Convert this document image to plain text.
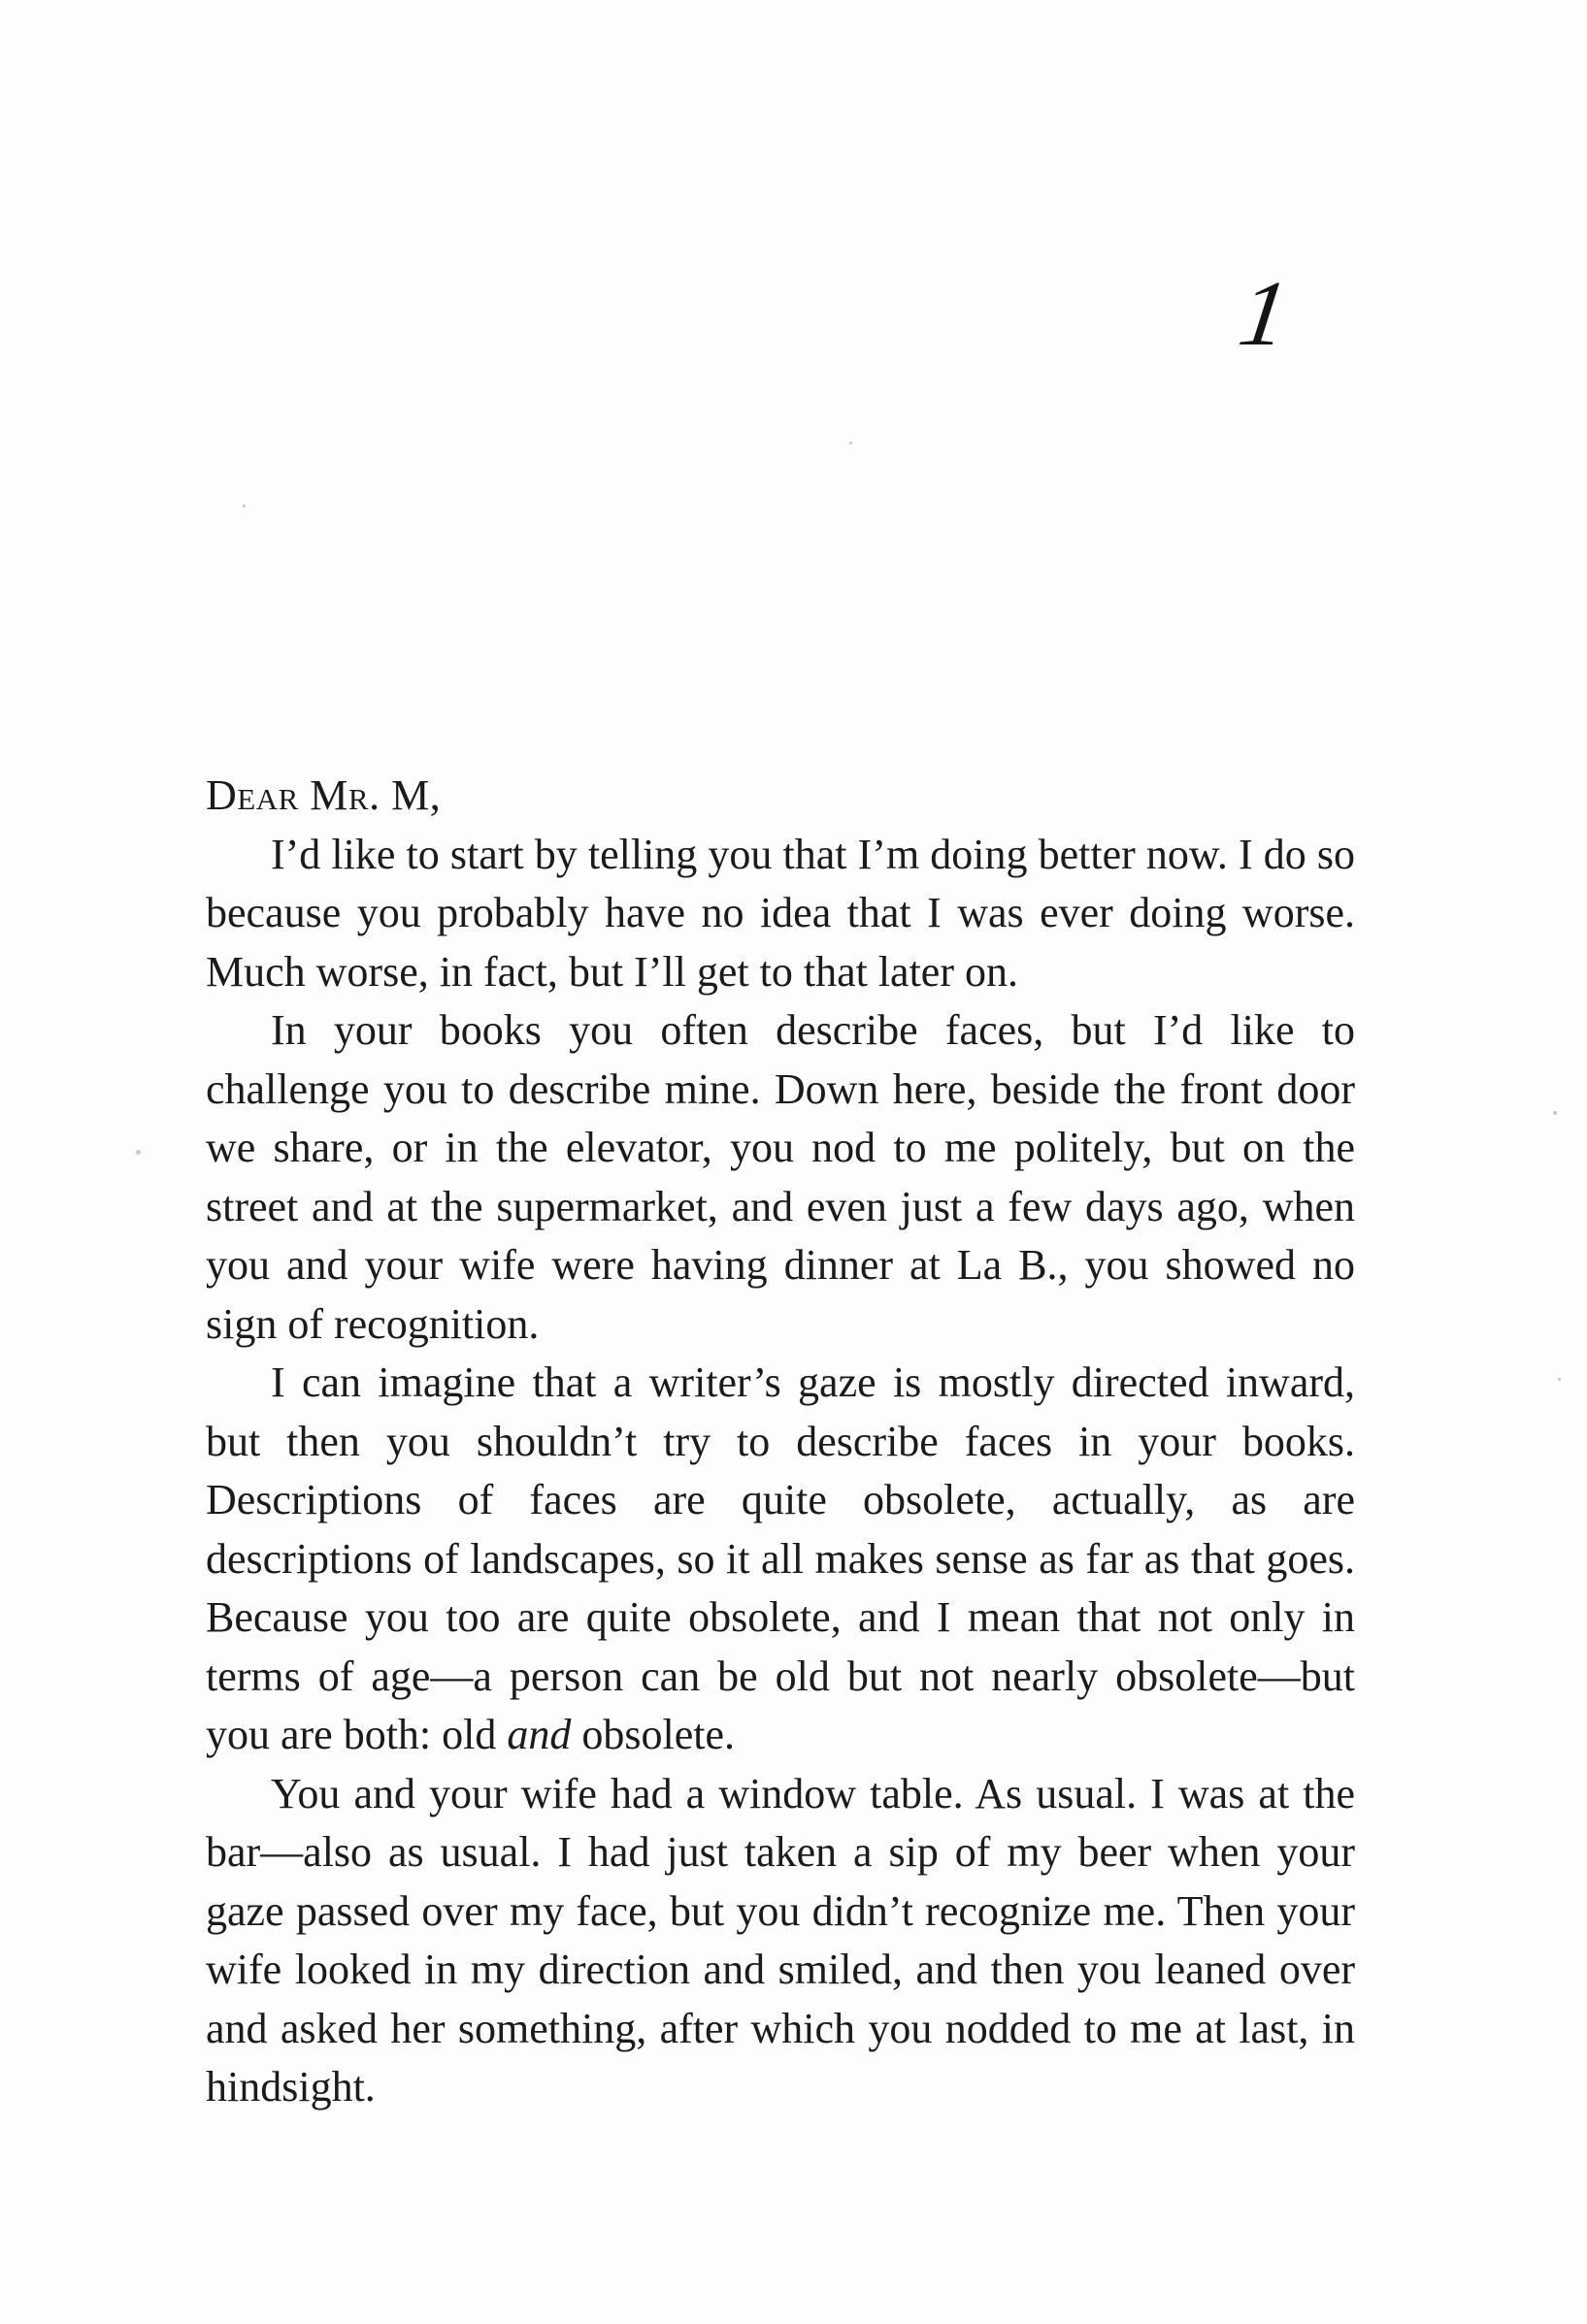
1

Dear Mr. M,

I’d like to start by telling you that I’m doing better now. I do so because you probably have no idea that I was ever doing worse. Much worse, in fact, but I’ll get to that later on.

In your books you often describe faces, but I’d like to challenge you to describe mine. Down here, beside the front door we share, or in the elevator, you nod to me politely, but on the street and at the supermarket, and even just a few days ago, when you and your wife were having dinner at La B., you showed no sign of recognition.

I can imagine that a writer’s gaze is mostly directed inward, but then you shouldn’t try to describe faces in your books. Descriptions of faces are quite obsolete, actually, as are descriptions of landscapes, so it all makes sense as far as that goes. Because you too are quite obsolete, and I mean that not only in terms of age—a person can be old but not nearly obsolete—but you are both: old and obsolete.

You and your wife had a window table. As usual. I was at the bar—also as usual. I had just taken a sip of my beer when your gaze passed over my face, but you didn’t recognize me. Then your wife looked in my direction and smiled, and then you leaned over and asked her something, after which you nodded to me at last, in hindsight.
